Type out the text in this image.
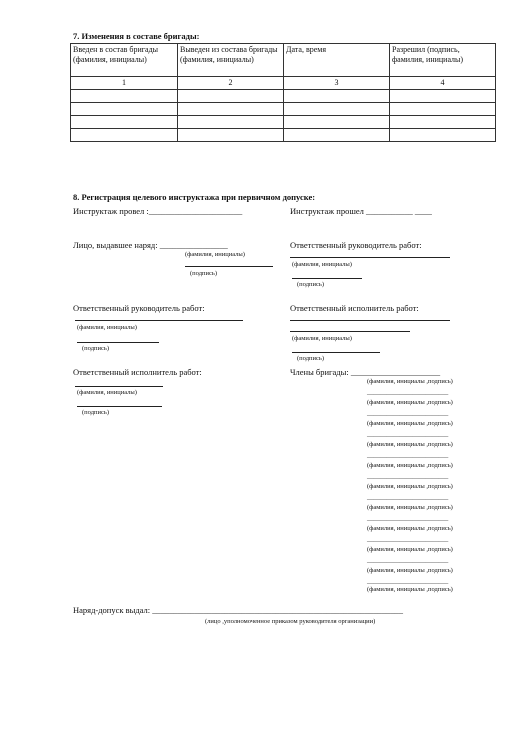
7. Изменения в составе бригады:
Введен в состав бригады (фамилия, инициалы)	Выведен из состава бригады (фамилия, инициалы)	Дата, время	Разрешил (подпись, фамилия, инициалы)
1	2	3	4

8. Регистрация целевого инструктажа при первичном допуске:
Инструктаж провел :______________________	Инструктаж прошел ___________ ____
Лицо, выдавшее наряд: ________________
(фамилия, инициалы)
(подпись)
Ответственный руководитель работ:
(фамилия, инициалы)
(подпись)
Ответственный руководитель работ:
(фамилия, инициалы)
(подпись)
Ответственный исполнитель работ:
(фамилия, инициалы)
(подпись)
Ответственный исполнитель работ:
(фамилия, инициалы)
(подпись)
Члены бригады: _____________________
(фамилия, инициалы ,подпись)
_________________________
(фамилия, инициалы ,подпись)
_________________________
(фамилия, инициалы ,подпись)
_________________________
(фамилия, инициалы ,подпись)
_________________________
(фамилия, инициалы ,подпись)
_________________________
(фамилия, инициалы ,подпись)
_________________________
(фамилия, инициалы ,подпись)
_________________________
(фамилия, инициалы ,подпись)
_________________________
(фамилия, инициалы ,подпись)
_________________________
(фамилия, инициалы ,подпись)
_________________________
(фамилия, инициалы ,подпись)
Наряд-допуск выдал: ___________________________________________________________
(лицо ,уполномоченное приказом руководителя организации)
